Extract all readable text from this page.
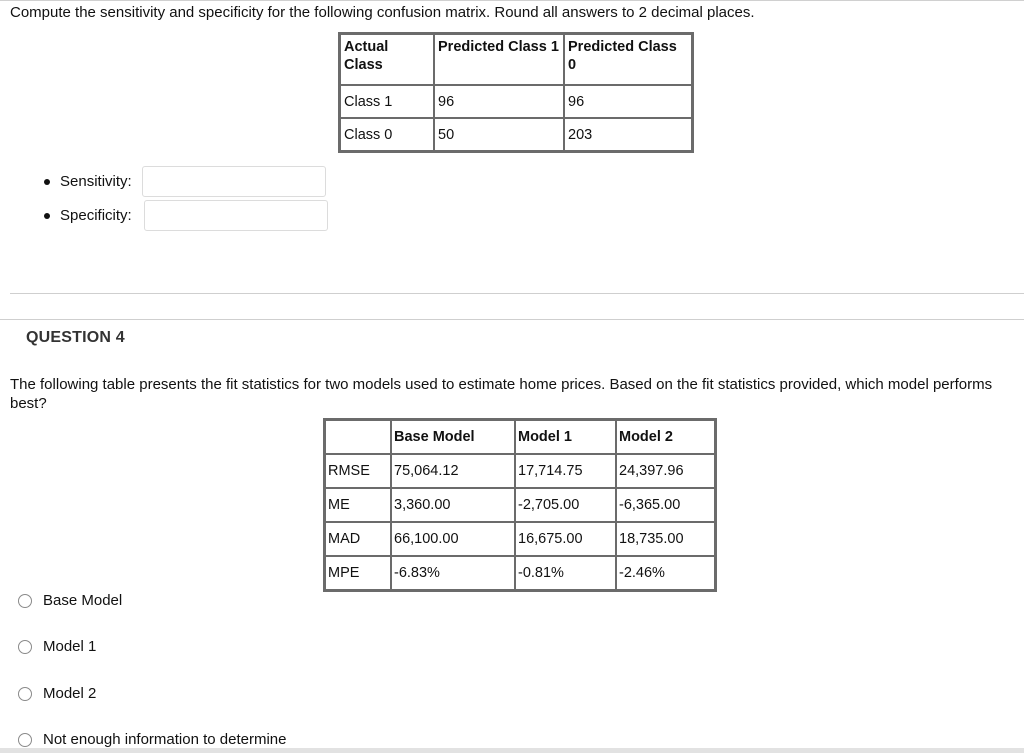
Compute the sensitivity and specificity for the following confusion matrix. Round all answers to 2 decimal places.
Actual Class	Predicted Class 1	Predicted Class 0
Class 1	96	96
Class 0	50	203
Sensitivity:
Specificity:
QUESTION 4
The following table presents the fit statistics for two models used to estimate home prices. Based on the fit statistics provided, which model performs best?
	Base Model	Model 1	Model 2
RMSE	75,064.12	17,714.75	24,397.96
ME	3,360.00	-2,705.00	-6,365.00
MAD	66,100.00	16,675.00	18,735.00
MPE	-6.83%	-0.81%	-2.46%
Base Model
Model 1
Model 2
Not enough information to determine
